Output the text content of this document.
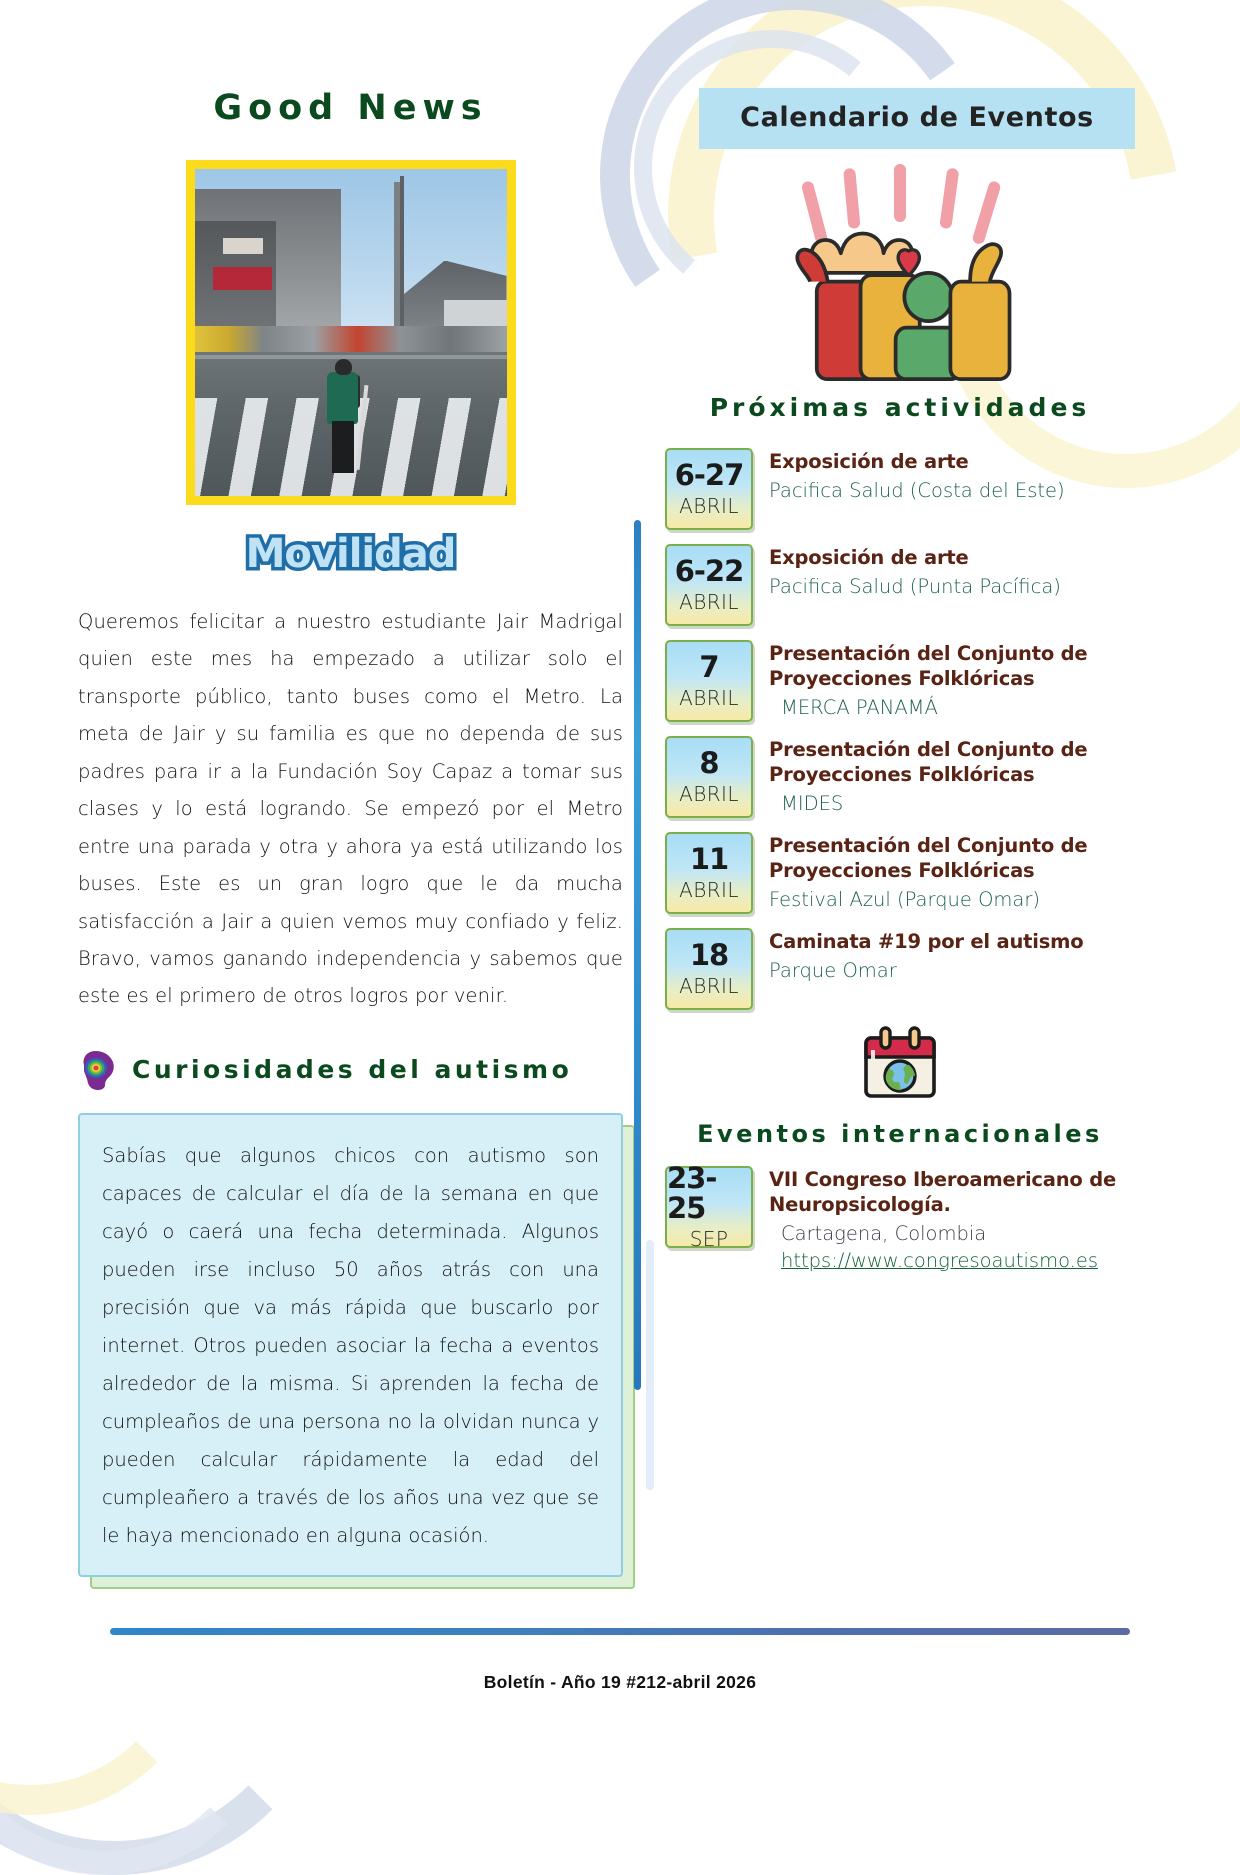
Good News
Movilidad

Queremos felicitar a nuestro estudiante Jair Madrigal quien este mes ha empezado a utilizar solo el transporte público, tanto buses como el Metro. La meta de Jair y su familia es que no dependa de sus padres para ir a la Fundación Soy Capaz a tomar sus clases y lo está logrando. Se empezó por el Metro entre una parada y otra y ahora ya está utilizando los buses. Este es un gran logro que le da mucha satisfacción a Jair a quien vemos muy confiado y feliz. Bravo, vamos ganando independencia y sabemos que este es el primero de otros logros por venir.

Curiosidades del autismo
Sabías que algunos chicos con autismo son capaces de calcular el día de la semana en que cayó o caerá una fecha determinada. Algunos pueden irse incluso 50 años atrás con una precisión que va más rápida que buscarlo por internet. Otros pueden asociar la fecha a eventos alrededor de la misma. Si aprenden la fecha de cumpleaños de una persona no la olvidan nunca y pueden calcular rápidamente la edad del cumpleañero a través de los años una vez que se le haya mencionado en alguna ocasión.
Calendario de Eventos
Próximas actividades
6-27
ABRIL
Exposición de arte
Pacifica Salud (Costa del Este)
6-22
ABRIL
Exposición de arte
Pacifica Salud (Punta Pacífica)
7
ABRIL
Presentación del Conjunto de Proyecciones Folklóricas
MERCA PANAMÁ
8
ABRIL
Presentación del Conjunto de Proyecciones Folklóricas
MIDES
11
ABRIL
Presentación del Conjunto de Proyecciones Folklóricas
Festival Azul (Parque Omar)
18
ABRIL
Caminata #19 por el autismo
Parque Omar
Eventos internacionales
23-25
SEP
VII Congreso Iberoamericano de Neuropsicología.
Cartagena, Colombia
https://www.congresoautismo.es
Boletín - Año 19 #212-abril 2026
